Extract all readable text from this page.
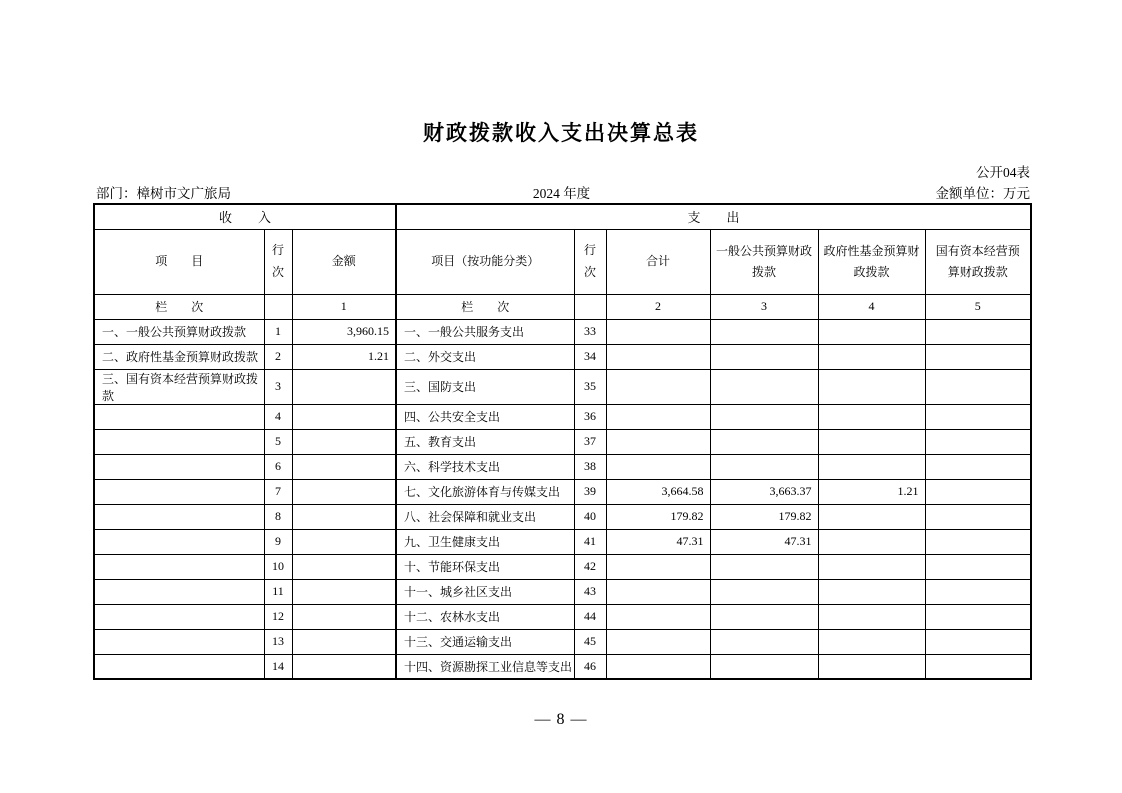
财政拨款收入支出决算总表
公开04表
部门：樟树市文广旅局	2024 年度	金额单位：万元
收　　入			支　　出					
项　　目	行次	金额	项目（按功能分类）	行次	合计	一般公共预算财政拨款	政府性基金预算财政拨款	国有资本经营预算财政拨款
栏　　次		1	栏　　次		2	3	4	5
一、一般公共预算财政拨款	1	3,960.15	一、一般公共服务支出	33				
二、政府性基金预算财政拨款	2	1.21	二、外交支出	34				
三、国有资本经营预算财政拨款	3		三、国防支出	35				
	4		四、公共安全支出	36				
	5		五、教育支出	37				
	6		六、科学技术支出	38				
	7		七、文化旅游体育与传媒支出	39	3,664.58	3,663.37	1.21	
	8		八、社会保障和就业支出	40	179.82	179.82		
	9		九、卫生健康支出	41	47.31	47.31		
	10		十、节能环保支出	42				
	11		十一、城乡社区支出	43				
	12		十二、农林水支出	44				
	13		十三、交通运输支出	45				
	14		十四、资源勘探工业信息等支出	46				
— 8 —
